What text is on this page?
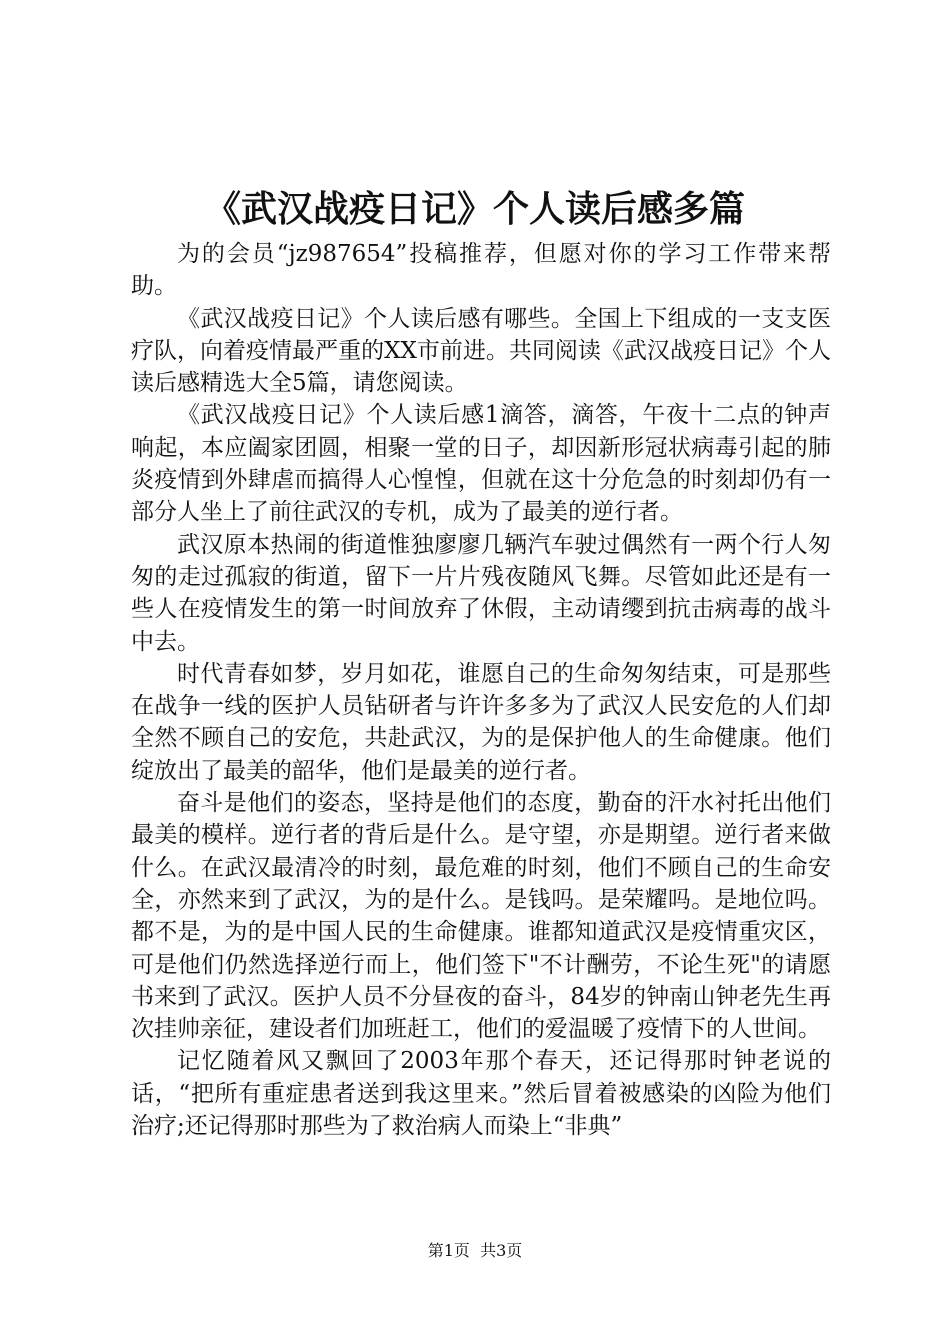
《武汉战疫日记》个人读后感多篇

为的会员“jz987654”投稿推荐，但愿对你的学习工作带来帮助。

《武汉战疫日记》个人读后感有哪些。全国上下组成的一支支医疗队，向着疫情最严重的XX市前进。共同阅读《武汉战疫日记》个人读后感精选大全5篇，请您阅读。

《武汉战疫日记》个人读后感1滴答，滴答，午夜十二点的钟声响起，本应阖家团圆，相聚一堂的日子，却因新形冠状病毒引起的肺炎疫情到外肆虐而搞得人心惶惶，但就在这十分危急的时刻却仍有一部分人坐上了前往武汉的专机，成为了最美的逆行者。

武汉原本热闹的街道惟独廖廖几辆汽车驶过偶然有一两个行人匆匆的走过孤寂的街道，留下一片片残夜随风飞舞。尽管如此还是有一些人在疫情发生的第一时间放弃了休假，主动请缨到抗击病毒的战斗中去。

时代青春如梦，岁月如花，谁愿自己的生命匆匆结束，可是那些在战争一线的医护人员钻研者与许许多多为了武汉人民安危的人们却全然不顾自己的安危，共赴武汉，为的是保护他人的生命健康。他们绽放出了最美的韶华，他们是最美的逆行者。

奋斗是他们的姿态，坚持是他们的态度，勤奋的汗水衬托出他们最美的模样。逆行者的背后是什么。是守望，亦是期望。逆行者来做什么。在武汉最清冷的时刻，最危难的时刻，他们不顾自己的生命安全，亦然来到了武汉，为的是什么。是钱吗。是荣耀吗。是地位吗。都不是，为的是中国人民的生命健康。谁都知道武汉是疫情重灾区，可是他们仍然选择逆行而上，他们签下"不计酬劳，不论生死"的请愿书来到了武汉。医护人员不分昼夜的奋斗，84岁的钟南山钟老先生再次挂帅亲征，建设者们加班赶工，他们的爱温暖了疫情下的人世间。

记忆随着风又飘回了2003年那个春天，还记得那时钟老说的话，“把所有重症患者送到我这里来。”然后冒着被感染的凶险为他们治疗;还记得那时那些为了救治病人而染上“非典”

第1页 共3页
